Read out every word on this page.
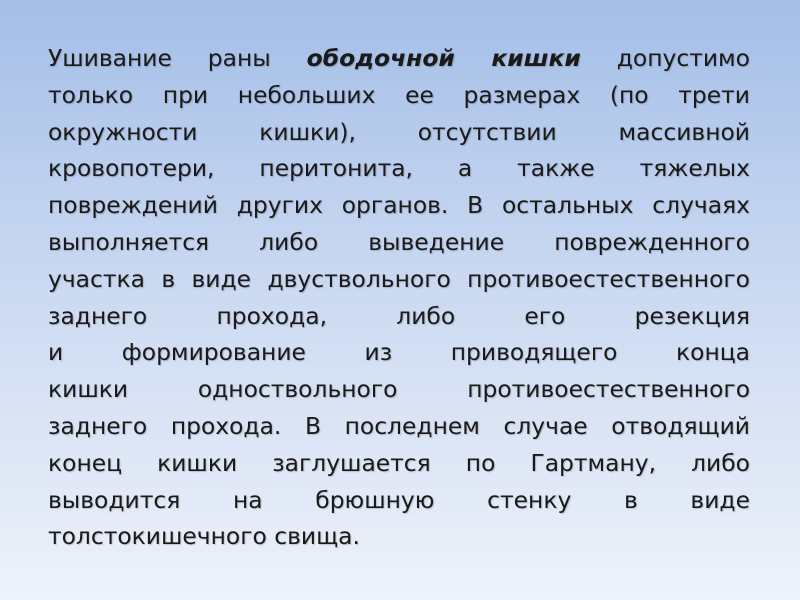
Ушивание раны ободочной кишки допустимо
только при небольших ее размерах (по трети
окружности кишки), отсутствии массивной
кровопотери, перитонита, а также тяжелых
повреждений других органов. В остальных случаях
выполняется либо выведение поврежденного
участка в виде двуствольного противоестественного
заднего прохода, либо его резекция
и формирование из приводящего конца
кишки одноствольного противоестественного
заднего прохода. В последнем случае отводящий
конец кишки заглушается по Гартману, либо
выводится на брюшную стенку в виде
толстокишечного свища.
